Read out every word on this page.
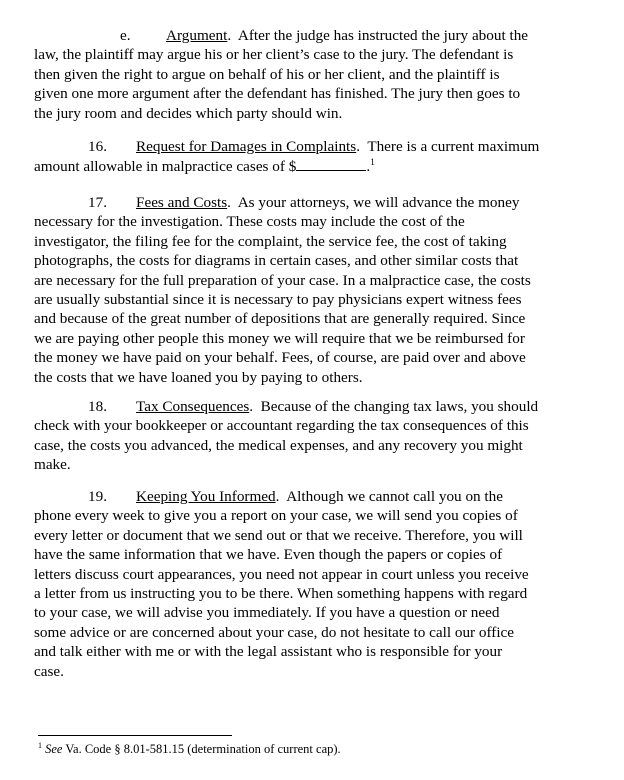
e. Argument.  After the judge has instructed the jury about the
law, the plaintiff may argue his or her client’s case to the jury. The defendant is
then given the right to argue on behalf of his or her client, and the plaintiff is
given one more argument after the defendant has finished. The jury then goes to
the jury room and decides which party should win.
16. Request for Damages in Complaints.  There is a current maximum
amount allowable in malpractice cases of $	.$^1$
17. Fees and Costs.  As your attorneys, we will advance the money
necessary for the investigation. These costs may include the cost of the
investigator, the filing fee for the complaint, the service fee, the cost of taking
photographs, the costs for diagrams in certain cases, and other similar costs that
are necessary for the full preparation of your case. In a malpractice case, the costs
are usually substantial since it is necessary to pay physicians expert witness fees
and because of the great number of depositions that are generally required. Since
we are paying other people this money we will require that we be reimbursed for
the money we have paid on your behalf. Fees, of course, are paid over and above
the costs that we have loaned you by paying to others.
18. Tax Consequences.  Because of the changing tax laws, you should
check with your bookkeeper or accountant regarding the tax consequences of this
case, the costs you advanced, the medical expenses, and any recovery you might
make.
19. Keeping You Informed.  Although we cannot call you on the
phone every week to give you a report on your case, we will send you copies of
every letter or document that we send out or that we receive. Therefore, you will
have the same information that we have. Even though the papers or copies of
letters discuss court appearances, you need not appear in court unless you receive
a letter from us instructing you to be there. When something happens with regard
to your case, we will advise you immediately. If you have a question or need
some advice or are concerned about your case, do not hesitate to call our office
and talk either with me or with the legal assistant who is responsible for your
case.
$^1$ See Va. Code § 8.01-581.15 (determination of current cap).
